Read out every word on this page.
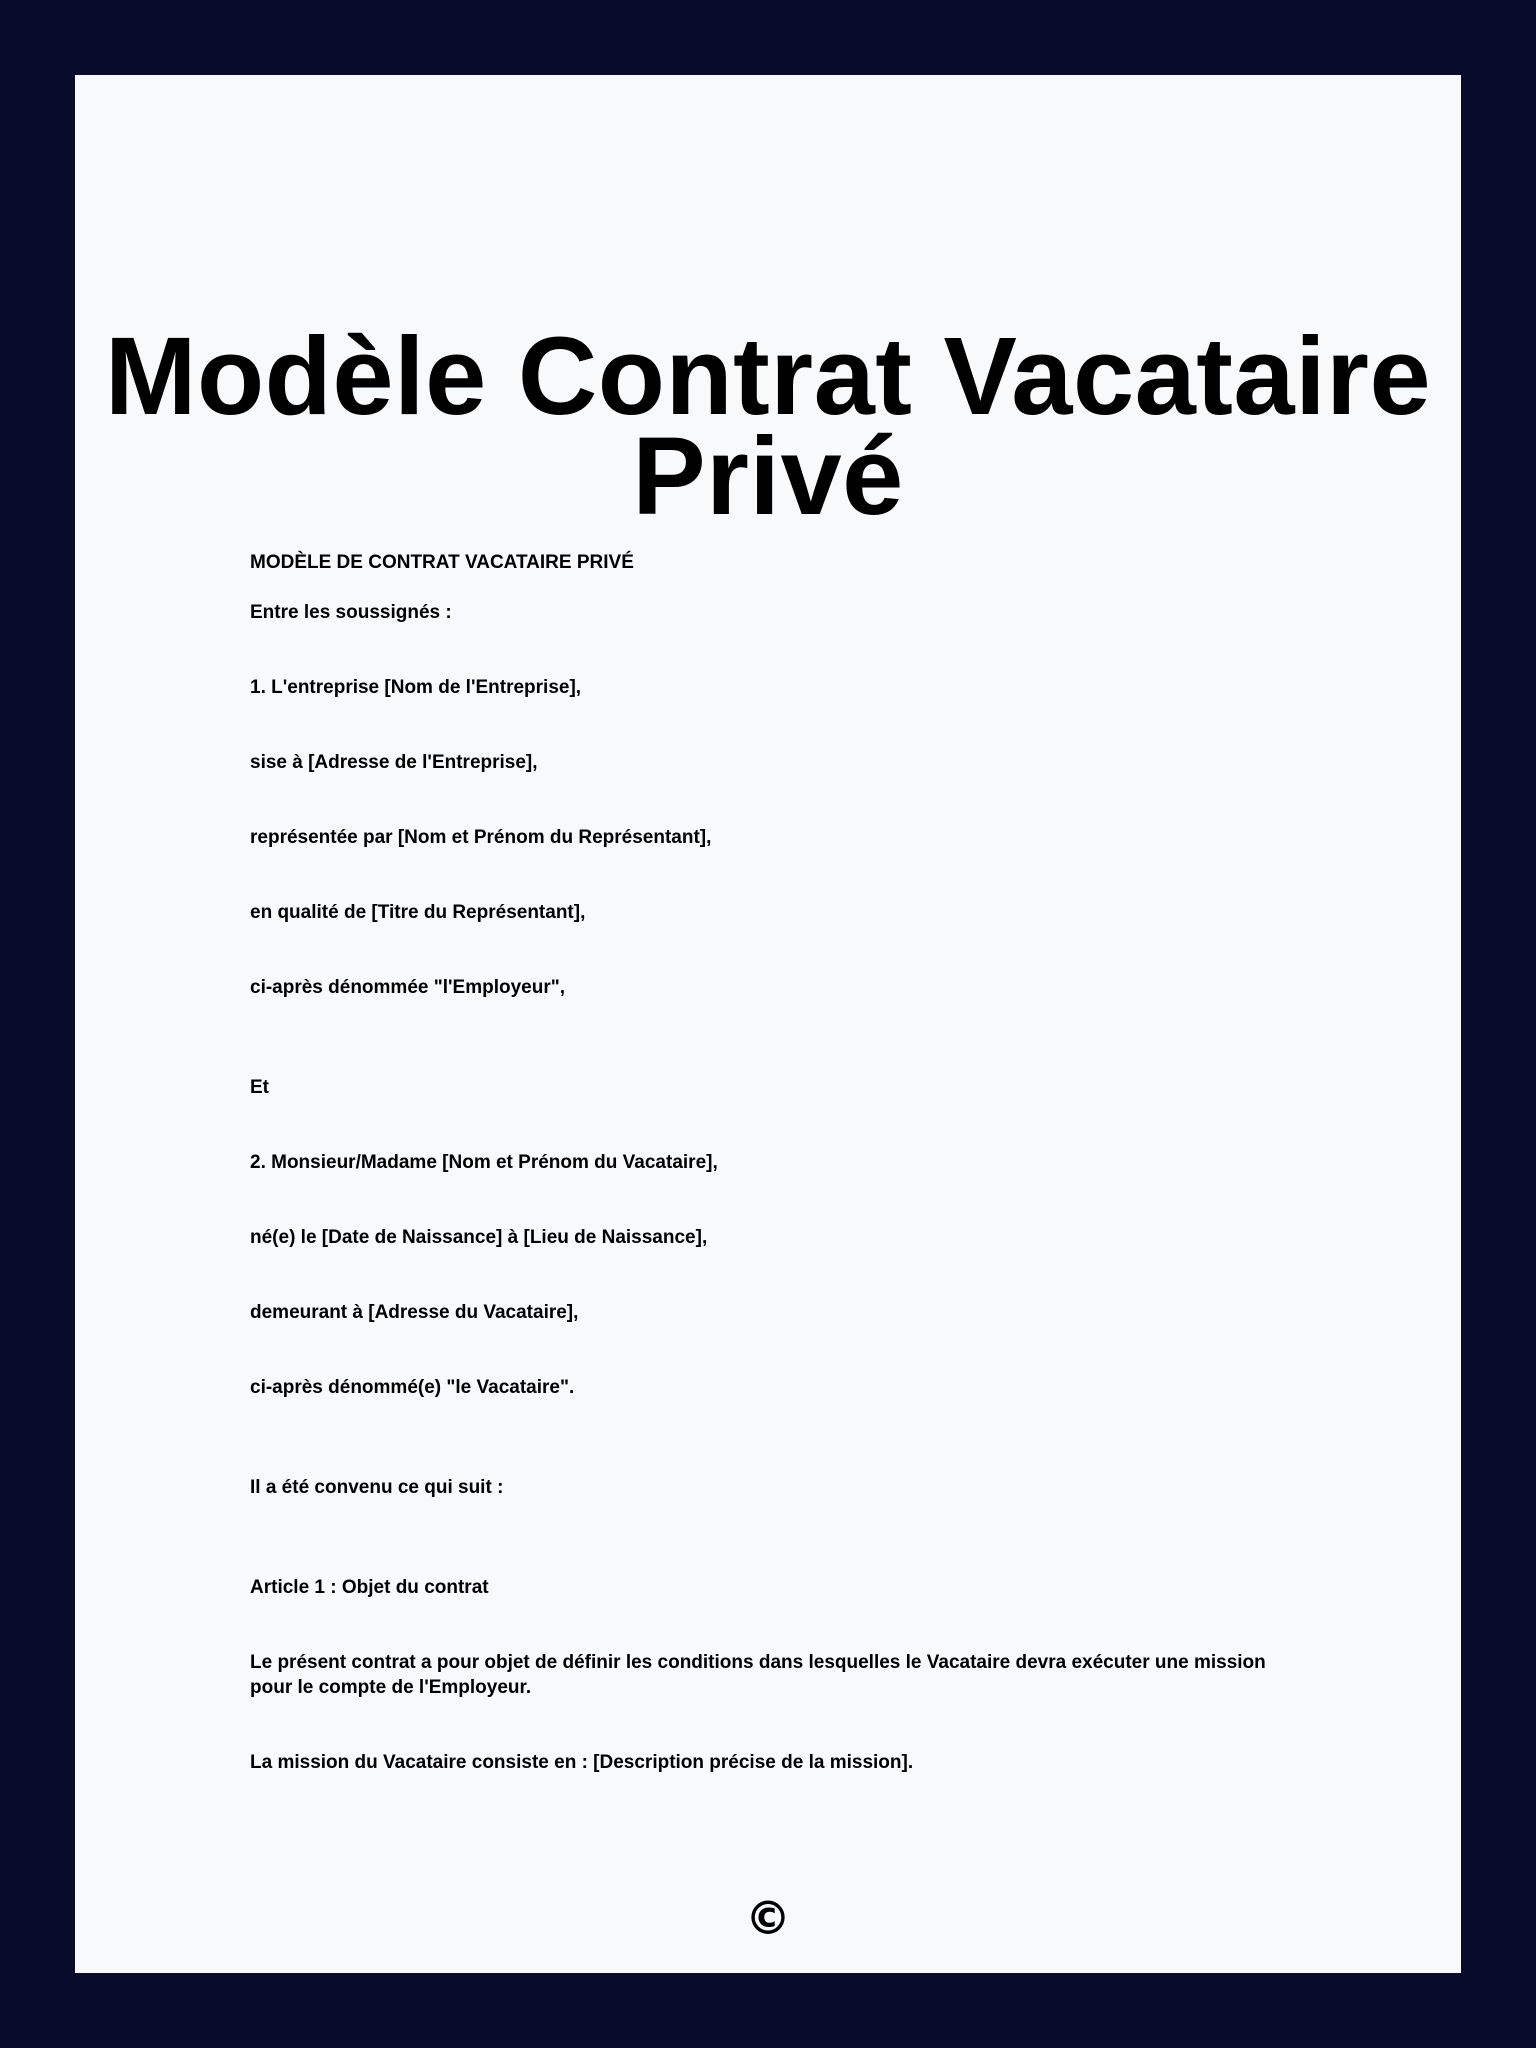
Modèle Contrat Vacataire Privé

MODÈLE DE CONTRAT VACATAIRE PRIVÉ

Entre les soussignés :

1. L'entreprise [Nom de l'Entreprise],

sise à [Adresse de l'Entreprise],

représentée par [Nom et Prénom du Représentant],

en qualité de [Titre du Représentant],

ci-après dénommée "l'Employeur",

Et

2. Monsieur/Madame [Nom et Prénom du Vacataire],

né(e) le [Date de Naissance] à [Lieu de Naissance],

demeurant à [Adresse du Vacataire],

ci-après dénommé(e) "le Vacataire".

Il a été convenu ce qui suit :

Article 1 : Objet du contrat

Le présent contrat a pour objet de définir les conditions dans lesquelles le Vacataire devra exécuter une mission pour le compte de l'Employeur.

La mission du Vacataire consiste en : [Description précise de la mission].

©
